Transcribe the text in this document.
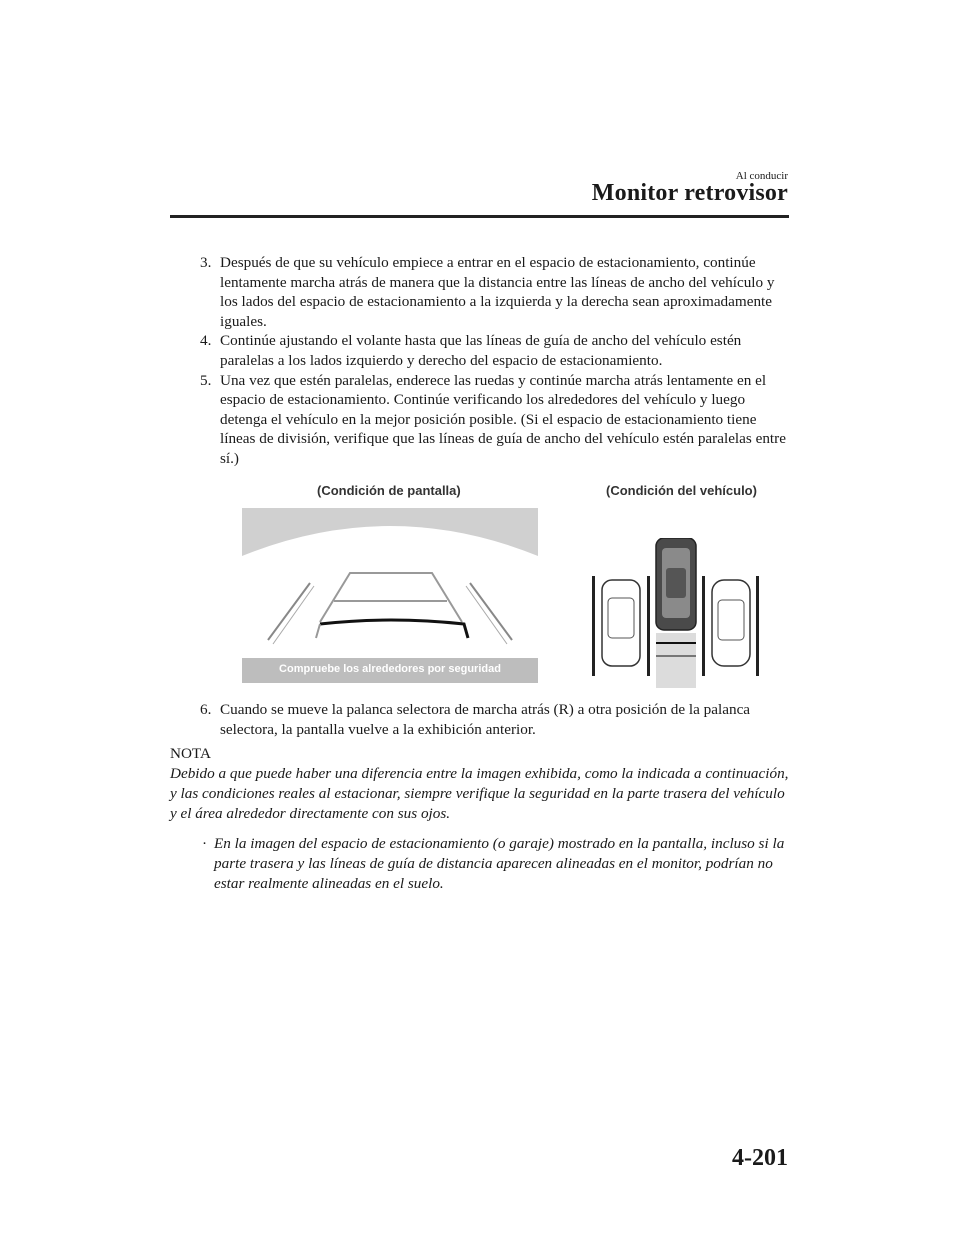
Al conducir
Monitor retrovisor

3. Después de que su vehículo empiece a entrar en el espacio de estacionamiento, continúe lentamente marcha atrás de manera que la distancia entre las líneas de ancho del vehículo y los lados del espacio de estacionamiento a la izquierda y la derecha sean aproximadamente iguales.

4. Continúe ajustando el volante hasta que las líneas de guía de ancho del vehículo estén paralelas a los lados izquierdo y derecho del espacio de estacionamiento.

5. Una vez que estén paralelas, enderece las ruedas y continúe marcha atrás lentamente en el espacio de estacionamiento. Continúe verificando los alrededores del vehículo y luego detenga el vehículo en la mejor posición posible. (Si el espacio de estacionamiento tiene líneas de división, verifique que las líneas de guía de ancho del vehículo estén paralelas entre sí.)

(Condición de pantalla)	(Condición del vehículo)
Compruebe los alrededores por seguridad

6. Cuando se mueve la palanca selectora de marcha atrás (R) a otra posición de la palanca selectora, la pantalla vuelve a la exhibición anterior.

NOTA

Debido a que puede haber una diferencia entre la imagen exhibida, como la indicada a continuación, y las condiciones reales al estacionar, siempre verifique la seguridad en la parte trasera del vehículo y el área alrededor directamente con sus ojos.

· En la imagen del espacio de estacionamiento (o garaje) mostrado en la pantalla, incluso si la parte trasera y las líneas de guía de distancia aparecen alineadas en el monitor, podrían no estar realmente alineadas en el suelo.

4-201
